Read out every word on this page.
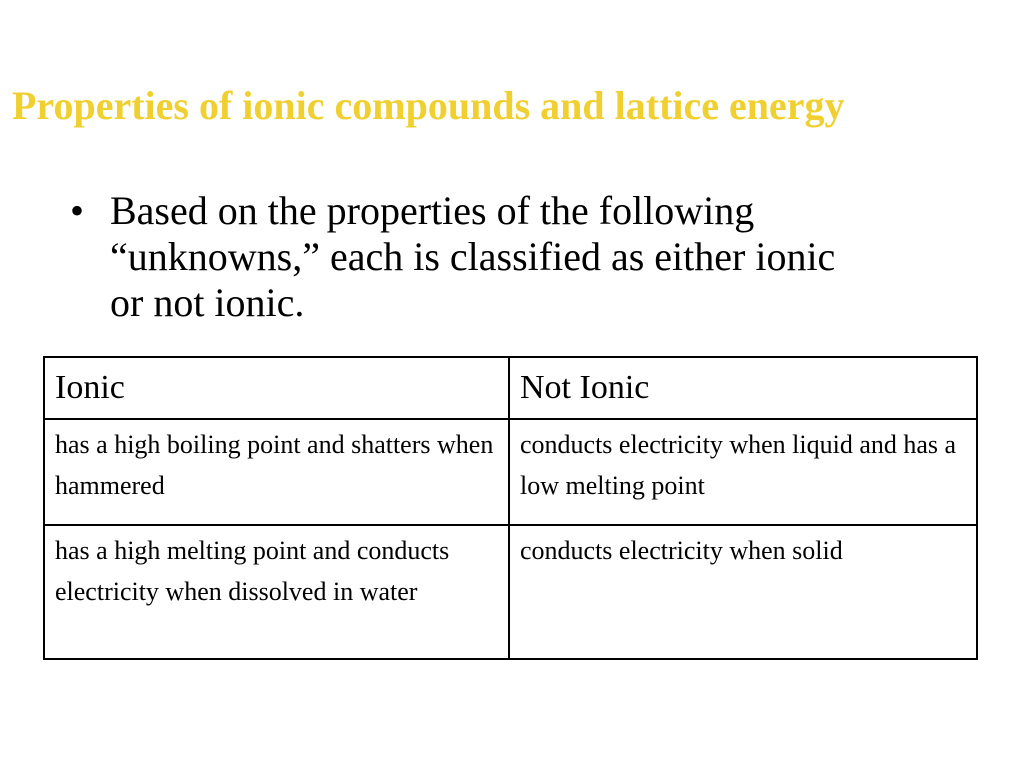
Properties of ionic compounds and lattice energy
• Based on the properties of the following “unknowns,” each is classified as either ionic or not ionic.
Ionic	Not Ionic
has a high boiling point and shatters when hammered	conducts electricity when liquid and has a low melting point
has a high melting point and conducts electricity when dissolved in water	conducts electricity when solid
